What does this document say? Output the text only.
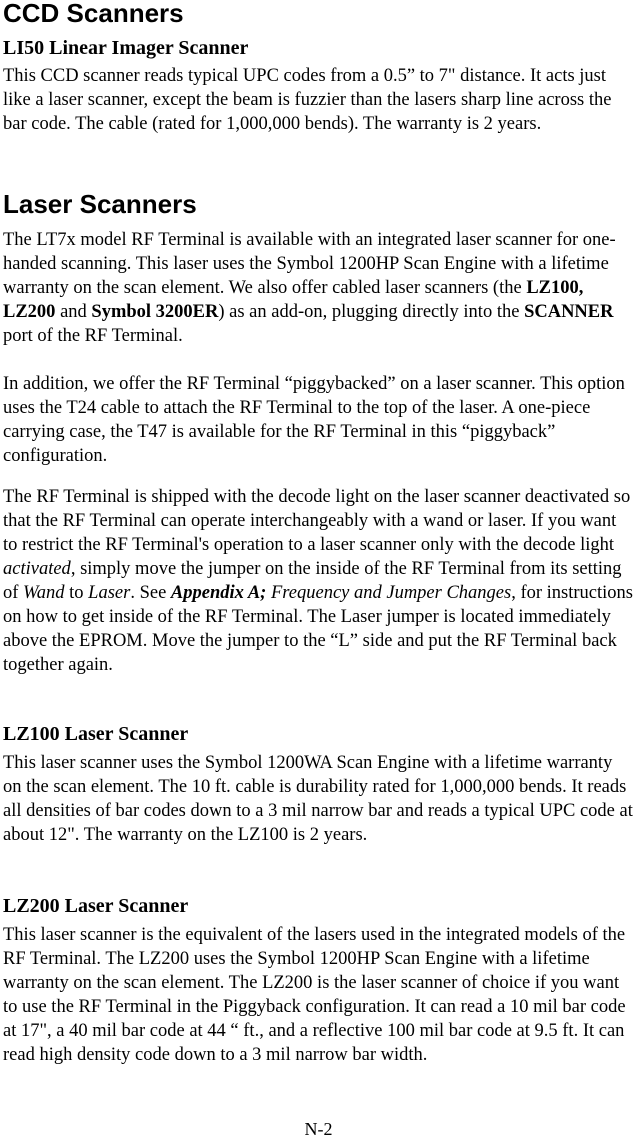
CCD Scanners
LI50 Linear Imager Scanner

This CCD scanner reads typical UPC codes from a 0.5” to 7" distance. It acts just like a laser scanner, except the beam is fuzzier than the lasers sharp line across the bar code. The cable (rated for 1,000,000 bends). The warranty is 2 years.

Laser Scanners

The LT7x model RF Terminal is available with an integrated laser scanner for one-handed scanning. This laser uses the Symbol 1200HP Scan Engine with a lifetime warranty on the scan element. We also offer cabled laser scanners (the LZ100, LZ200 and Symbol 3200ER) as an add-on, plugging directly into the SCANNER port of the RF Terminal.

In addition, we offer the RF Terminal “piggybacked” on a laser scanner. This option uses the T24 cable to attach the RF Terminal to the top of the laser. A one-piece carrying case, the T47 is available for the RF Terminal in this “piggyback” configuration.

The RF Terminal is shipped with the decode light on the laser scanner deactivated so that the RF Terminal can operate interchangeably with a wand or laser. If you want to restrict the RF Terminal's operation to a laser scanner only with the decode light activated, simply move the jumper on the inside of the RF Terminal from its setting of Wand to Laser. See Appendix A; Frequency and Jumper Changes, for instructions on how to get inside of the RF Terminal. The Laser jumper is located immediately above the EPROM. Move the jumper to the “L” side and put the RF Terminal back together again.

LZ100 Laser Scanner

This laser scanner uses the Symbol 1200WA Scan Engine with a lifetime warranty on the scan element. The 10 ft. cable is durability rated for 1,000,000 bends. It reads all densities of bar codes down to a 3 mil narrow bar and reads a typical UPC code at about 12". The warranty on the LZ100 is 2 years.

LZ200 Laser Scanner

This laser scanner is the equivalent of the lasers used in the integrated models of the RF Terminal. The LZ200 uses the Symbol 1200HP Scan Engine with a lifetime warranty on the scan element. The LZ200 is the laser scanner of choice if you want to use the RF Terminal in the Piggyback configuration. It can read a 10 mil bar code at 17", a 40 mil bar code at 44 “ ft., and a reflective 100 mil bar code at 9.5 ft. It can read high density code down to a 3 mil narrow bar width.

N-2
